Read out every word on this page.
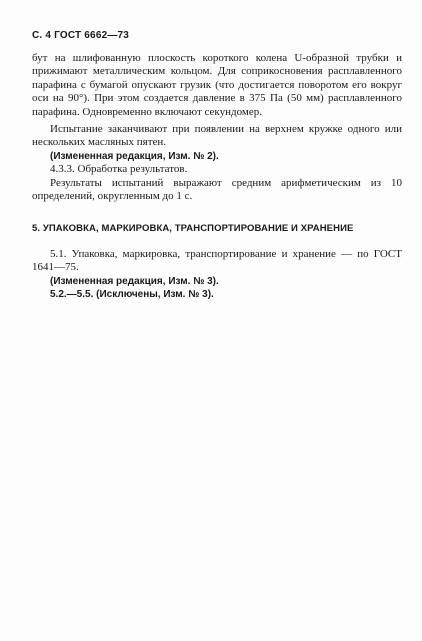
С. 4 ГОСТ 6662—73

бут на шлифованную плоскость короткого колена U-образной трубки и прижимают металлическим кольцом. Для соприкосновения расплавленного парафина с бумагой опускают грузик (что достигается поворотом его вокруг оси на 90°). При этом создается давление в 375 Па (50 мм) расплавленного парафина. Одновременно включают секундомер.

Испытание заканчивают при появлении на верхнем кружке одного или нескольких масляных пятен.

(Измененная редакция, Изм. № 2).

4.3.3. Обработка результатов.

Результаты испытаний выражают средним арифметическим из 10 определений, округленным до 1 с.

5. УПАКОВКА, МАРКИРОВКА, ТРАНСПОРТИРОВАНИЕ И ХРАНЕНИЕ

5.1. Упаковка, маркировка, транспортирование и хранение — по ГОСТ 1641—75.

(Измененная редакция, Изм. № 3).

5.2.—5.5. (Исключены, Изм. № 3).
